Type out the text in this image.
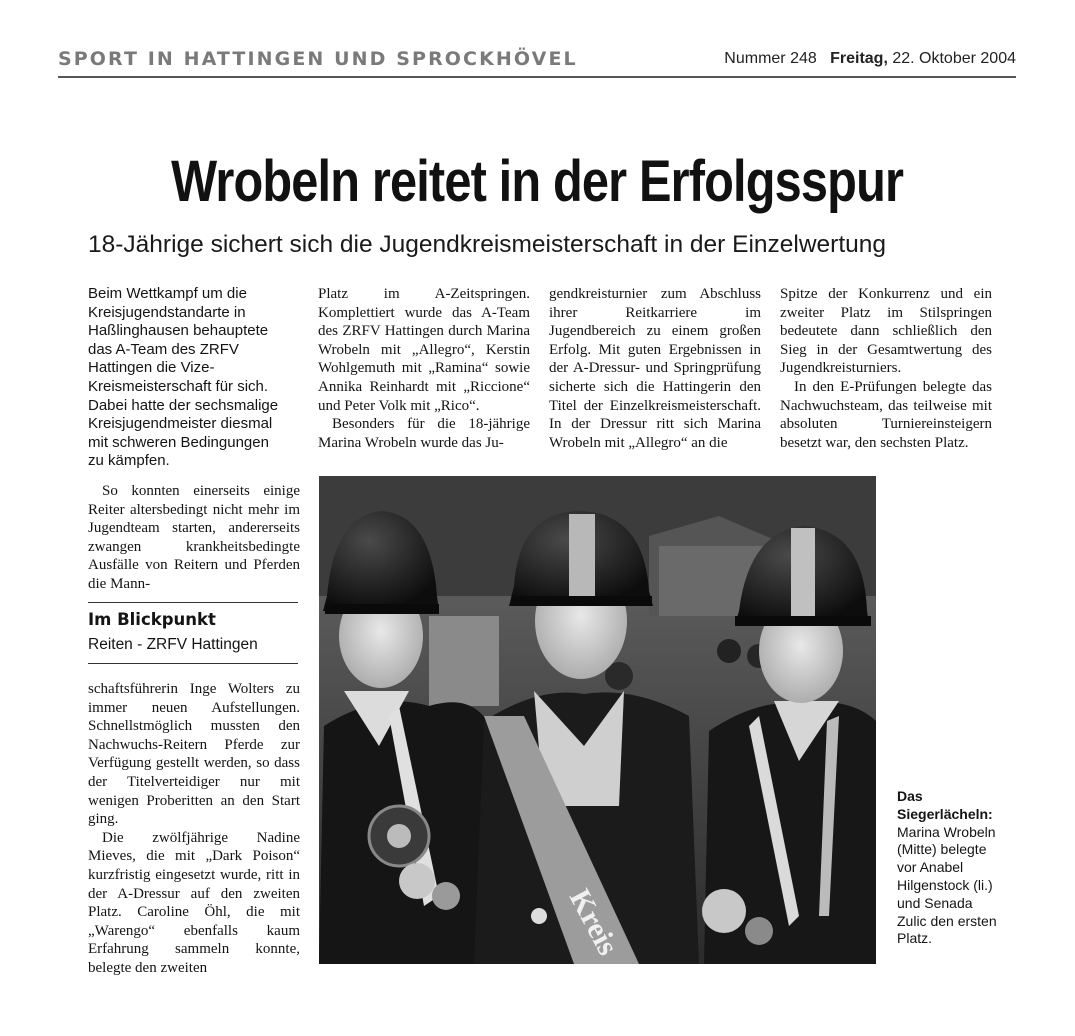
SPORT IN HATTINGEN UND SPROCKHÖVEL	Nummer 248 Freitag, 22. Oktober 2004
Wrobeln reitet in der Erfolgsspur
18-Jährige sichert sich die Jugendkreismeisterschaft in der Einzelwertung

Beim Wettkampf um die Kreisjugendstandarte in Haßlinghausen behauptete das A-Team des ZRFV Hattingen die Vize-Kreismeisterschaft für sich. Dabei hatte der sechsmalige Kreisjugendmeister diesmal mit schweren Bedingungen zu kämpfen.

So konnten einerseits einige Reiter altersbedingt nicht mehr im Jugendteam starten, andererseits zwangen krankheitsbedingte Ausfälle von Reitern und Pferden die Mann-

Im Blickpunkt
Reiten - ZRFV Hattingen

schaftsführerin Inge Wolters zu immer neuen Aufstellungen. Schnellstmöglich mussten den Nachwuchs-Reitern Pferde zur Verfügung gestellt werden, so dass der Titelverteidiger nur mit wenigen Proberitten an den Start ging.

Die zwölfjährige Nadine Mieves, die mit „Dark Poison“ kurzfristig eingesetzt wurde, ritt in der A-Dressur auf den zweiten Platz. Caroline Öhl, die mit „Warengo“ ebenfalls kaum Erfahrung sammeln konnte, belegte den zweiten

Platz im A-Zeitspringen. Komplettiert wurde das A-Team des ZRFV Hattingen durch Marina Wrobeln mit „Allegro“, Kerstin Wohlgemuth mit „Ramina“ sowie Annika Reinhardt mit „Riccione“ und Peter Volk mit „Rico“.

Besonders für die 18-jährige Marina Wrobeln wurde das Ju-

gendkreisturnier zum Abschluss ihrer Reitkarriere im Jugendbereich zu einem großen Erfolg. Mit guten Ergebnissen in der A-Dressur- und Springprüfung sicherte sich die Hattingerin den Titel der Einzelkreismeisterschaft. In der Dressur ritt sich Marina Wrobeln mit „Allegro“ an die

Spitze der Konkurrenz und ein zweiter Platz im Stilspringen bedeutete dann schließlich den Sieg in der Gesamtwertung des Jugendkreisturniers.

In den E-Prüfungen belegte das Nachwuchsteam, das teilweise mit absoluten Turniereinsteigern besetzt war, den sechsten Platz.

Kreis
Das Siegerlächeln: Marina Wrobeln (Mitte) belegte vor Anabel Hilgenstock (li.) und Senada Zulic den ersten Platz.
